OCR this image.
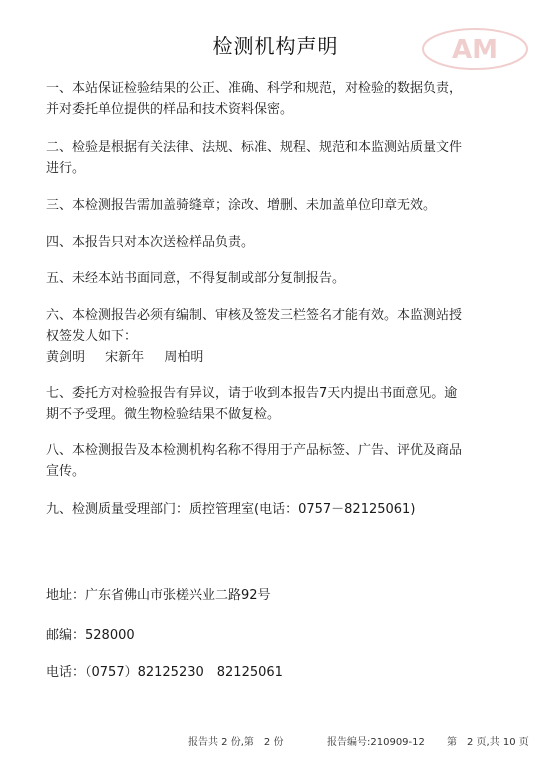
检测机构声明	AM
一、本站保证检验结果的公正、准确、科学和规范，对检验的数据负责，
并对委托单位提供的样品和技术资料保密。
二、检验是根据有关法律、法规、标准、规程、规范和本监测站质量文件
进行。
三、本检测报告需加盖骑缝章；涂改、增删、未加盖单位印章无效。
四、本报告只对本次送检样品负责。
五、未经本站书面同意，不得复制或部分复制报告。
六、本检测报告必须有编制、审核及签发三栏签名才能有效。本监测站授
权签发人如下：
黄剑明 宋新年 周柏明
七、委托方对检验报告有异议，请于收到本报告7天内提出书面意见。逾
期不予受理。微生物检验结果不做复检。
八、本检测报告及本检测机构名称不得用于产品标签、广告、评优及商品
宣传。
九、检测质量受理部门：质控管理室(电话：0757－82125061)
地址：广东省佛山市张槎兴业二路92号
邮编：528000
电话：（0757）82125230　82125061
报告共 2 份,第　2 份	报告编号:210909-12 第　2 页,共 10 页
